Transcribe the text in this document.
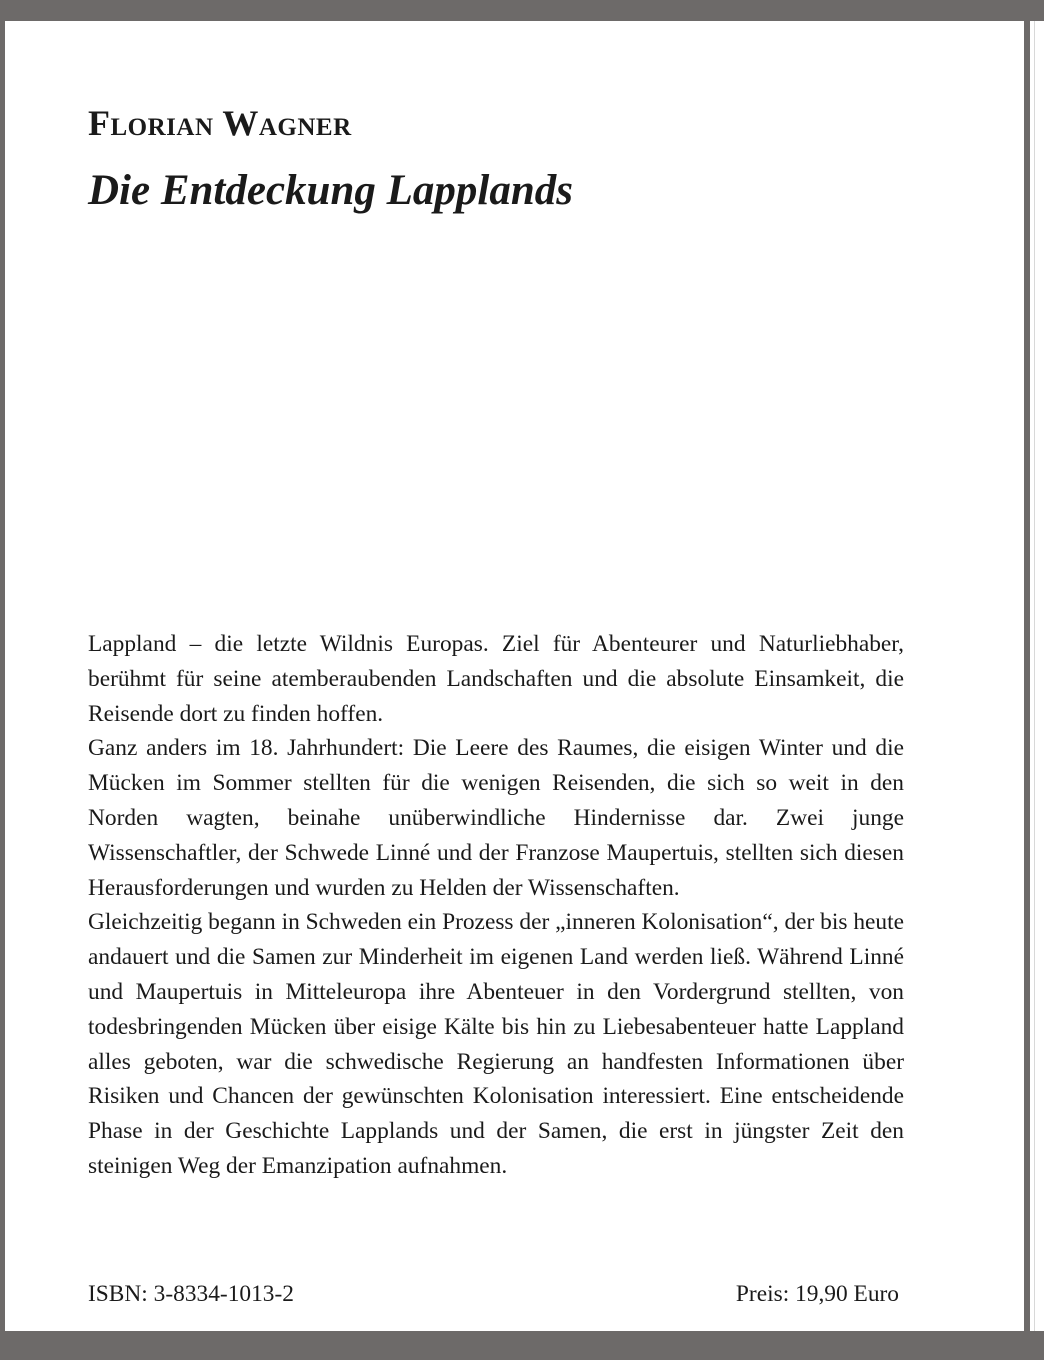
Florian Wagner
Die Entdeckung Lapplands

Lappland – die letzte Wildnis Europas. Ziel für Abenteurer und Naturliebhaber, berühmt für seine atemberaubenden Landschaften und die absolute Einsamkeit, die Reisende dort zu finden hoffen.

Ganz anders im 18. Jahrhundert: Die Leere des Raumes, die eisigen Winter und die Mücken im Sommer stellten für die wenigen Reisenden, die sich so weit in den Norden wagten, beinahe unüberwindliche Hindernisse dar. Zwei junge Wissenschaftler, der Schwede Linné und der Franzose Maupertuis, stellten sich diesen Herausforderungen und wurden zu Helden der Wissenschaften.

Gleichzeitig begann in Schweden ein Prozess der „inneren Kolonisation“, der bis heute andauert und die Samen zur Minderheit im eigenen Land werden ließ. Während Linné und Maupertuis in Mitteleuropa ihre Abenteuer in den Vordergrund stellten, von todesbringenden Mücken über eisige Kälte bis hin zu Liebesabenteuer hatte Lappland alles geboten, war die schwedische Regierung an handfesten Informationen über Risiken und Chancen der gewünschten Kolonisation interessiert. Eine entscheidende Phase in der Geschichte Lapplands und der Samen, die erst in jüngster Zeit den steinigen Weg der Emanzipation aufnahmen.

ISBN: 3-8334-1013-2	Preis: 19,90 Euro
